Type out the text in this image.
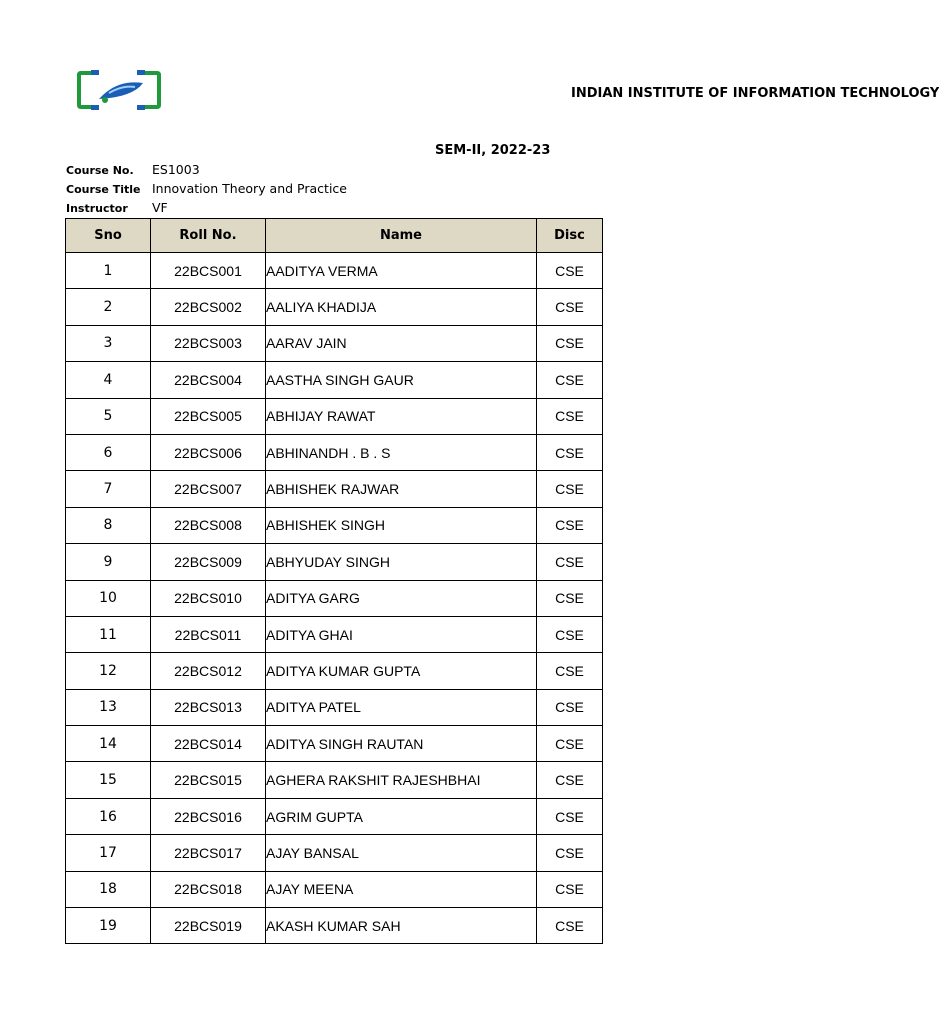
INDIAN INSTITUTE OF INFORMATION TECHNOLOGY
SEM-II, 2022-23
Course No. ES1003
Course Title Innovation Theory and Practice
Instructor VF
Sno	Roll No.	Name	Disc
1	22BCS001	AADITYA VERMA	CSE
2	22BCS002	AALIYA KHADIJA	CSE
3	22BCS003	AARAV JAIN	CSE
4	22BCS004	AASTHA SINGH GAUR	CSE
5	22BCS005	ABHIJAY RAWAT	CSE
6	22BCS006	ABHINANDH . B . S	CSE
7	22BCS007	ABHISHEK RAJWAR	CSE
8	22BCS008	ABHISHEK SINGH	CSE
9	22BCS009	ABHYUDAY SINGH	CSE
10	22BCS010	ADITYA GARG	CSE
11	22BCS011	ADITYA GHAI	CSE
12	22BCS012	ADITYA KUMAR GUPTA	CSE
13	22BCS013	ADITYA PATEL	CSE
14	22BCS014	ADITYA SINGH RAUTAN	CSE
15	22BCS015	AGHERA RAKSHIT RAJESHBHAI	CSE
16	22BCS016	AGRIM GUPTA	CSE
17	22BCS017	AJAY BANSAL	CSE
18	22BCS018	AJAY MEENA	CSE
19	22BCS019	AKASH KUMAR SAH	CSE
